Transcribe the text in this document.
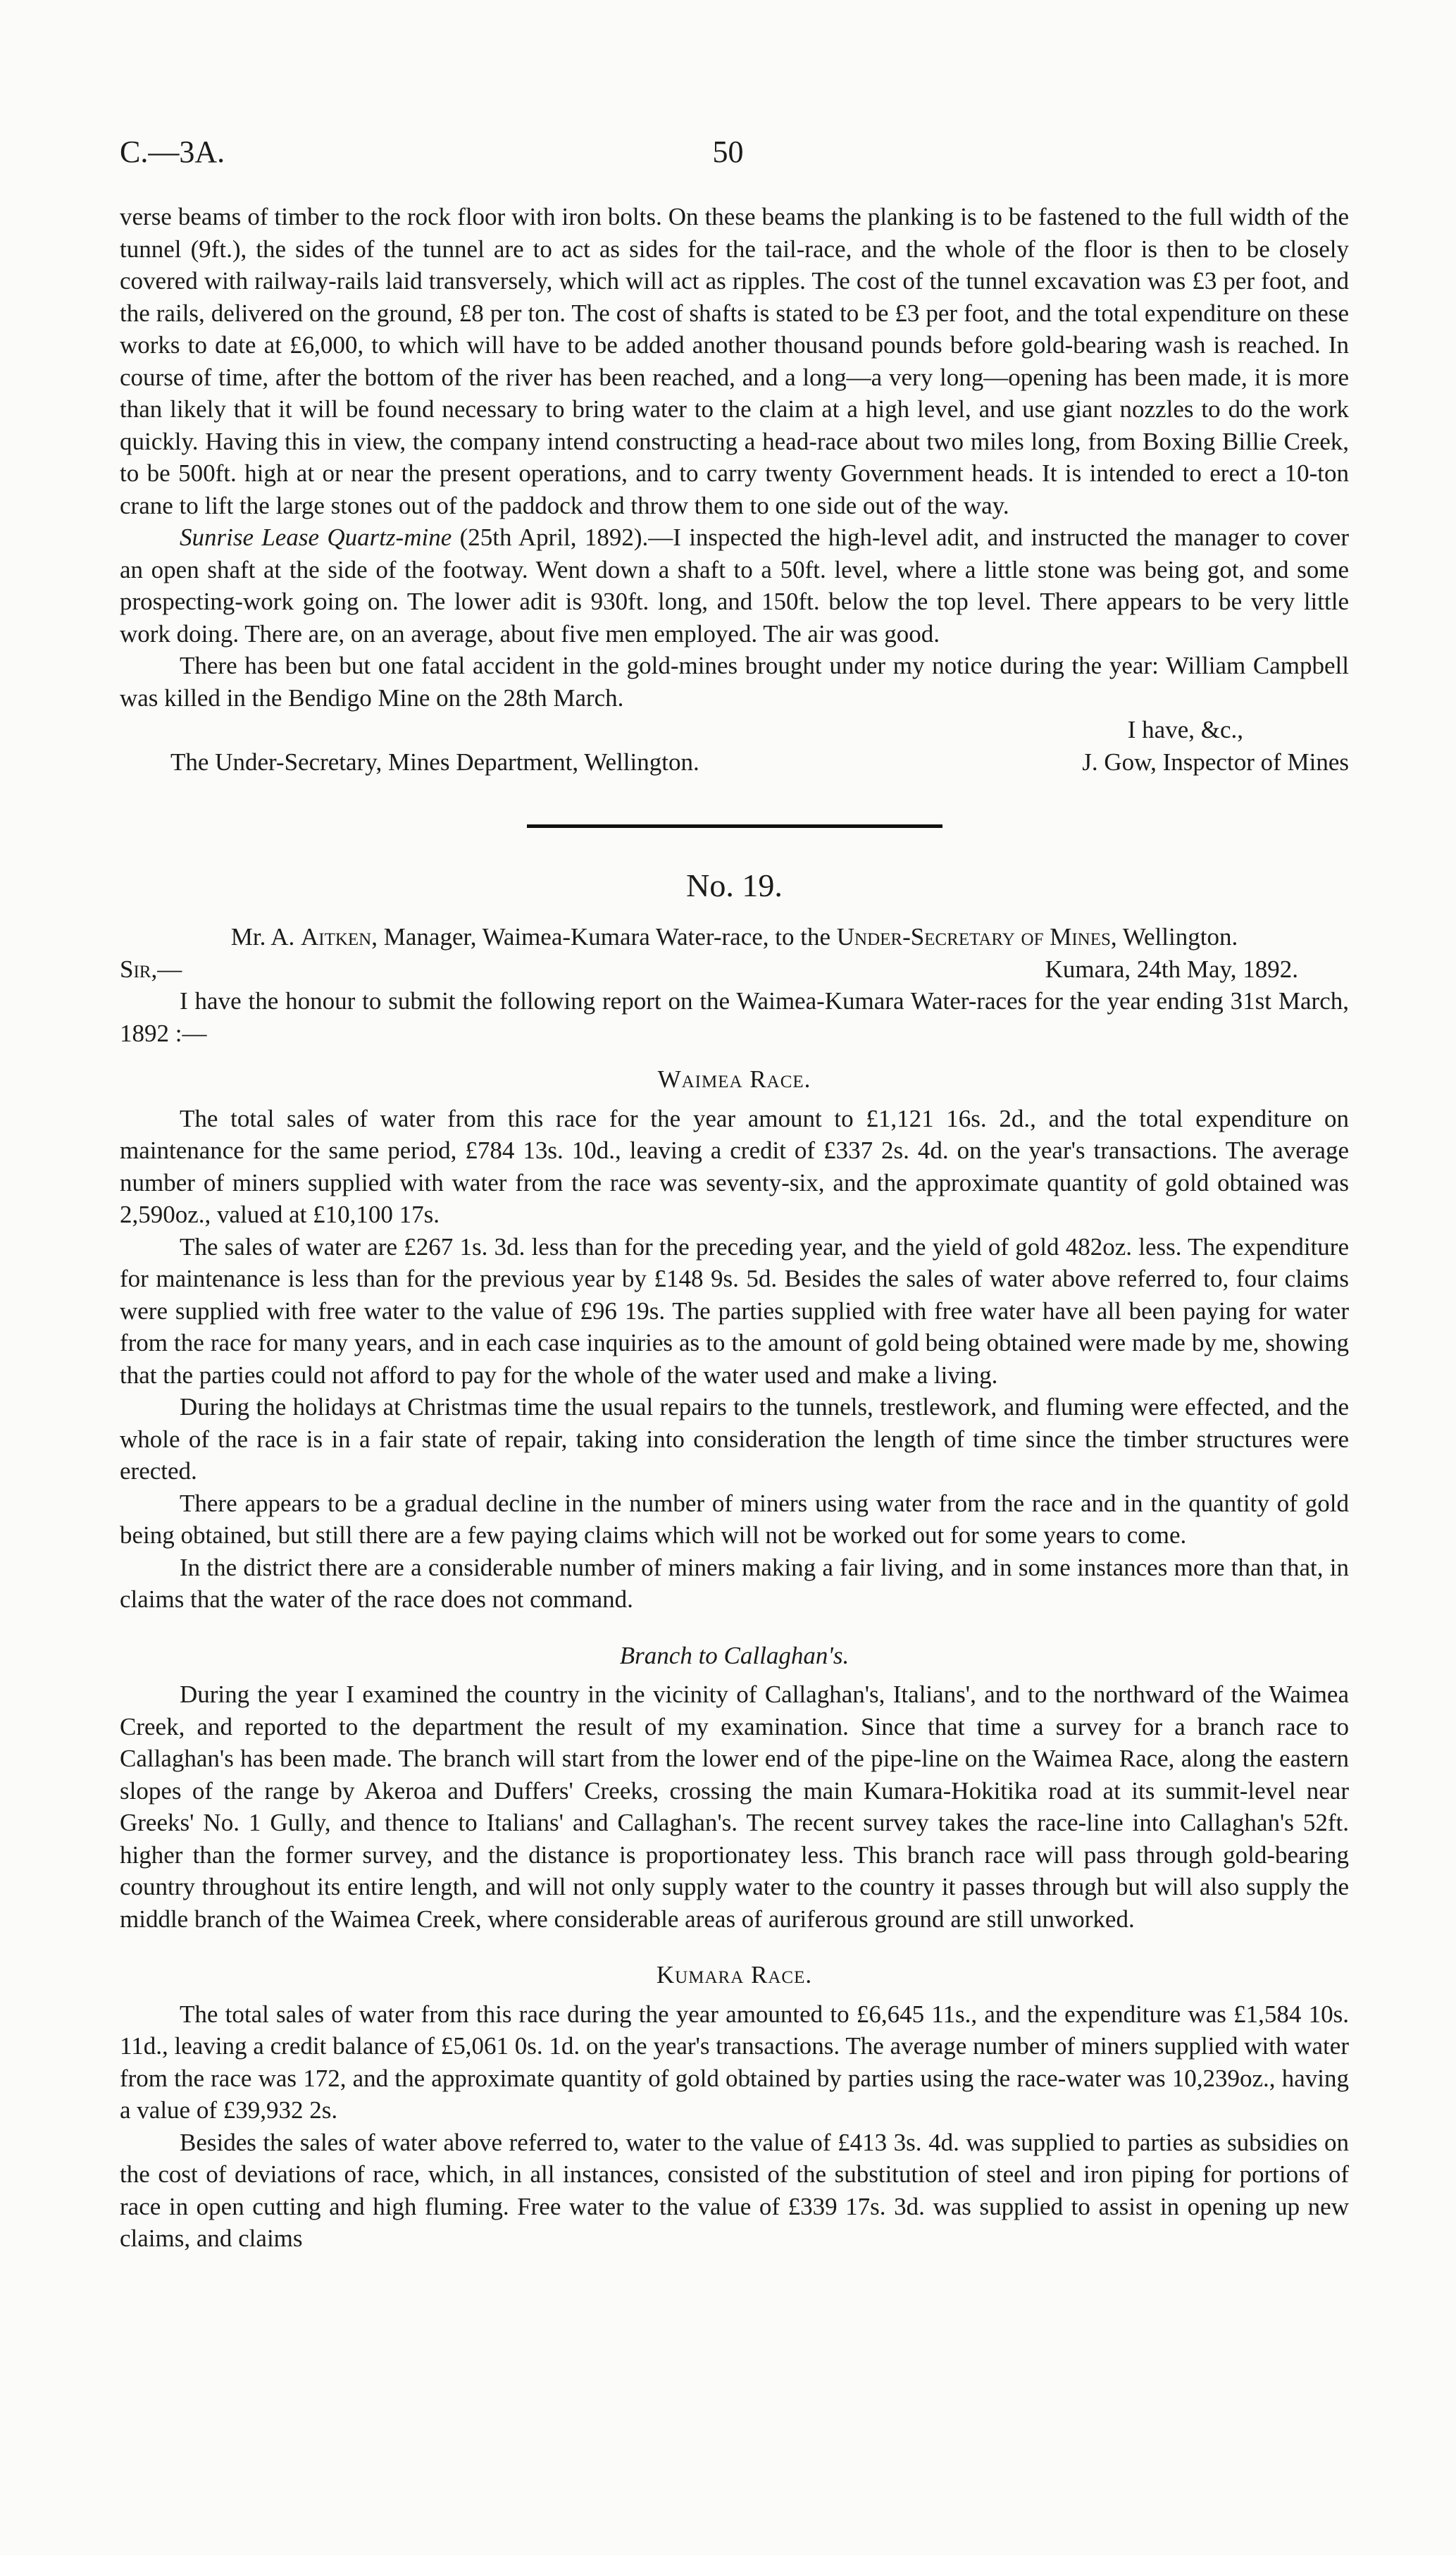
C.—3A.	50

verse beams of timber to the rock floor with iron bolts. On these beams the planking is to be fastened to the full width of the tunnel (9ft.), the sides of the tunnel are to act as sides for the tail-race, and the whole of the floor is then to be closely covered with railway-rails laid transversely, which will act as ripples. The cost of the tunnel excavation was £3 per foot, and the rails, delivered on the ground, £8 per ton. The cost of shafts is stated to be £3 per foot, and the total expenditure on these works to date at £6,000, to which will have to be added another thousand pounds before gold-bearing wash is reached. In course of time, after the bottom of the river has been reached, and a long—a very long—opening has been made, it is more than likely that it will be found necessary to bring water to the claim at a high level, and use giant nozzles to do the work quickly. Having this in view, the company intend constructing a head-race about two miles long, from Boxing Billie Creek, to be 500ft. high at or near the present operations, and to carry twenty Government heads. It is intended to erect a 10-ton crane to lift the large stones out of the paddock and throw them to one side out of the way.

Sunrise Lease Quartz-mine (25th April, 1892).—I inspected the high-level adit, and instructed the manager to cover an open shaft at the side of the footway. Went down a shaft to a 50ft. level, where a little stone was being got, and some prospecting-work going on. The lower adit is 930ft. long, and 150ft. below the top level. There appears to be very little work doing. There are, on an average, about five men employed. The air was good.

There has been but one fatal accident in the gold-mines brought under my notice during the year: William Campbell was killed in the Bendigo Mine on the 28th March.

I have, &c.,
The Under-Secretary, Mines Department, Wellington.	J. Gow, Inspector of Mines
No. 19.

Mr. A. Aitken, Manager, Waimea-Kumara Water-race, to the Under-Secretary of Mines, Wellington.

Sir,—	Kumara, 24th May, 1892.

I have the honour to submit the following report on the Waimea-Kumara Water-races for the year ending 31st March, 1892 :—

Waimea Race.

The total sales of water from this race for the year amount to £1,121 16s. 2d., and the total expenditure on maintenance for the same period, £784 13s. 10d., leaving a credit of £337 2s. 4d. on the year's transactions. The average number of miners supplied with water from the race was seventy-six, and the approximate quantity of gold obtained was 2,590oz., valued at £10,100 17s.

The sales of water are £267 1s. 3d. less than for the preceding year, and the yield of gold 482oz. less. The expenditure for maintenance is less than for the previous year by £148 9s. 5d. Besides the sales of water above referred to, four claims were supplied with free water to the value of £96 19s. The parties supplied with free water have all been paying for water from the race for many years, and in each case inquiries as to the amount of gold being obtained were made by me, showing that the parties could not afford to pay for the whole of the water used and make a living.

During the holidays at Christmas time the usual repairs to the tunnels, trestlework, and fluming were effected, and the whole of the race is in a fair state of repair, taking into consideration the length of time since the timber structures were erected.

There appears to be a gradual decline in the number of miners using water from the race and in the quantity of gold being obtained, but still there are a few paying claims which will not be worked out for some years to come.

In the district there are a considerable number of miners making a fair living, and in some instances more than that, in claims that the water of the race does not command.

Branch to Callaghan's.

During the year I examined the country in the vicinity of Callaghan's, Italians', and to the northward of the Waimea Creek, and reported to the department the result of my examination. Since that time a survey for a branch race to Callaghan's has been made. The branch will start from the lower end of the pipe-line on the Waimea Race, along the eastern slopes of the range by Akeroa and Duffers' Creeks, crossing the main Kumara-Hokitika road at its summit-level near Greeks' No. 1 Gully, and thence to Italians' and Callaghan's. The recent survey takes the race-line into Callaghan's 52ft. higher than the former survey, and the distance is proportionatey less. This branch race will pass through gold-bearing country throughout its entire length, and will not only supply water to the country it passes through but will also supply the middle branch of the Waimea Creek, where considerable areas of auriferous ground are still unworked.

Kumara Race.

The total sales of water from this race during the year amounted to £6,645 11s., and the expenditure was £1,584 10s. 11d., leaving a credit balance of £5,061 0s. 1d. on the year's transactions. The average number of miners supplied with water from the race was 172, and the approximate quantity of gold obtained by parties using the race-water was 10,239oz., having a value of £39,932 2s.

Besides the sales of water above referred to, water to the value of £413 3s. 4d. was supplied to parties as subsidies on the cost of deviations of race, which, in all instances, consisted of the substitution of steel and iron piping for portions of race in open cutting and high fluming. Free water to the value of £339 17s. 3d. was supplied to assist in opening up new claims, and claims
